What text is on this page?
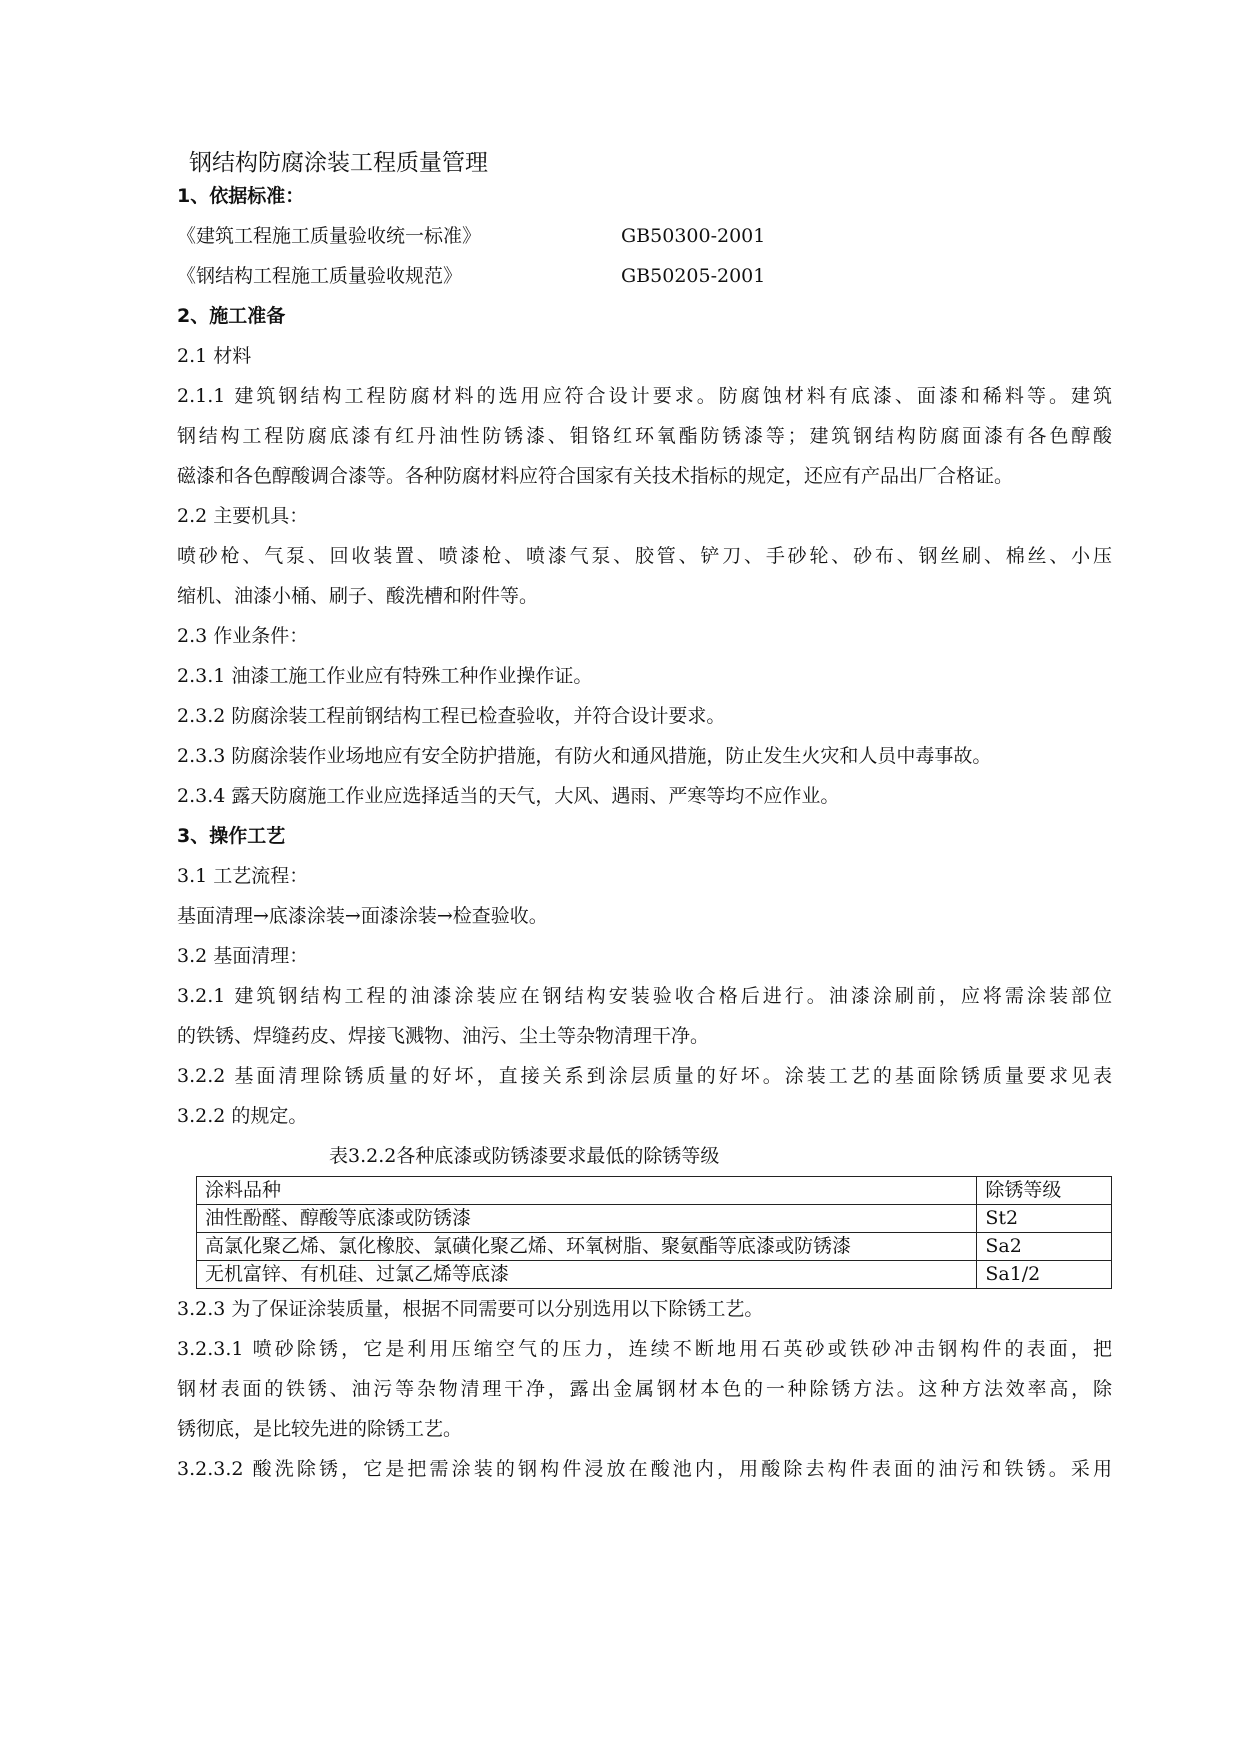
钢结构防腐涂装工程质量管理
1、依据标准：
《建筑工程施工质量验收统一标准》	GB50300-2001
《钢结构工程施工质量验收规范》	GB50205-2001
2、施工准备
2.1 材料
2.1.1 建筑钢结构工程防腐材料的选用应符合设计要求。防腐蚀材料有底漆、面漆和稀料等。建筑
钢结构工程防腐底漆有红丹油性防锈漆、钼铬红环氧酯防锈漆等；建筑钢结构防腐面漆有各色醇酸
磁漆和各色醇酸调合漆等。各种防腐材料应符合国家有关技术指标的规定，还应有产品出厂合格证。
2.2 主要机具：
喷砂枪、气泵、回收装置、喷漆枪、喷漆气泵、胶管、铲刀、手砂轮、砂布、钢丝刷、棉丝、小压
缩机、油漆小桶、刷子、酸洗槽和附件等。
2.3 作业条件：
2.3.1 油漆工施工作业应有特殊工种作业操作证。
2.3.2 防腐涂装工程前钢结构工程已检查验收，并符合设计要求。
2.3.3 防腐涂装作业场地应有安全防护措施，有防火和通风措施，防止发生火灾和人员中毒事故。
2.3.4 露天防腐施工作业应选择适当的天气，大风、遇雨、严寒等均不应作业。
3、操作工艺
3.1 工艺流程：
基面清理→底漆涂装→面漆涂装→检查验收。
3.2 基面清理：
3.2.1 建筑钢结构工程的油漆涂装应在钢结构安装验收合格后进行。油漆涂刷前，应将需涂装部位
的铁锈、焊缝药皮、焊接飞溅物、油污、尘土等杂物清理干净。
3.2.2 基面清理除锈质量的好坏，直接关系到涂层质量的好坏。涂装工艺的基面除锈质量要求见表
3.2.2 的规定。
表3.2.2各种底漆或防锈漆要求最低的除锈等级
涂料品种	除锈等级
油性酚醛、醇酸等底漆或防锈漆	St2
高氯化聚乙烯、氯化橡胶、氯磺化聚乙烯、环氧树脂、聚氨酯等底漆或防锈漆	Sa2
无机富锌、有机硅、过氯乙烯等底漆	Sa1/2
3.2.3 为了保证涂装质量，根据不同需要可以分别选用以下除锈工艺。
3.2.3.1 喷砂除锈，它是利用压缩空气的压力，连续不断地用石英砂或铁砂冲击钢构件的表面，把
钢材表面的铁锈、油污等杂物清理干净，露出金属钢材本色的一种除锈方法。这种方法效率高，除
锈彻底，是比较先进的除锈工艺。
3.2.3.2 酸洗除锈，它是把需涂装的钢构件浸放在酸池内，用酸除去构件表面的油污和铁锈。采用
